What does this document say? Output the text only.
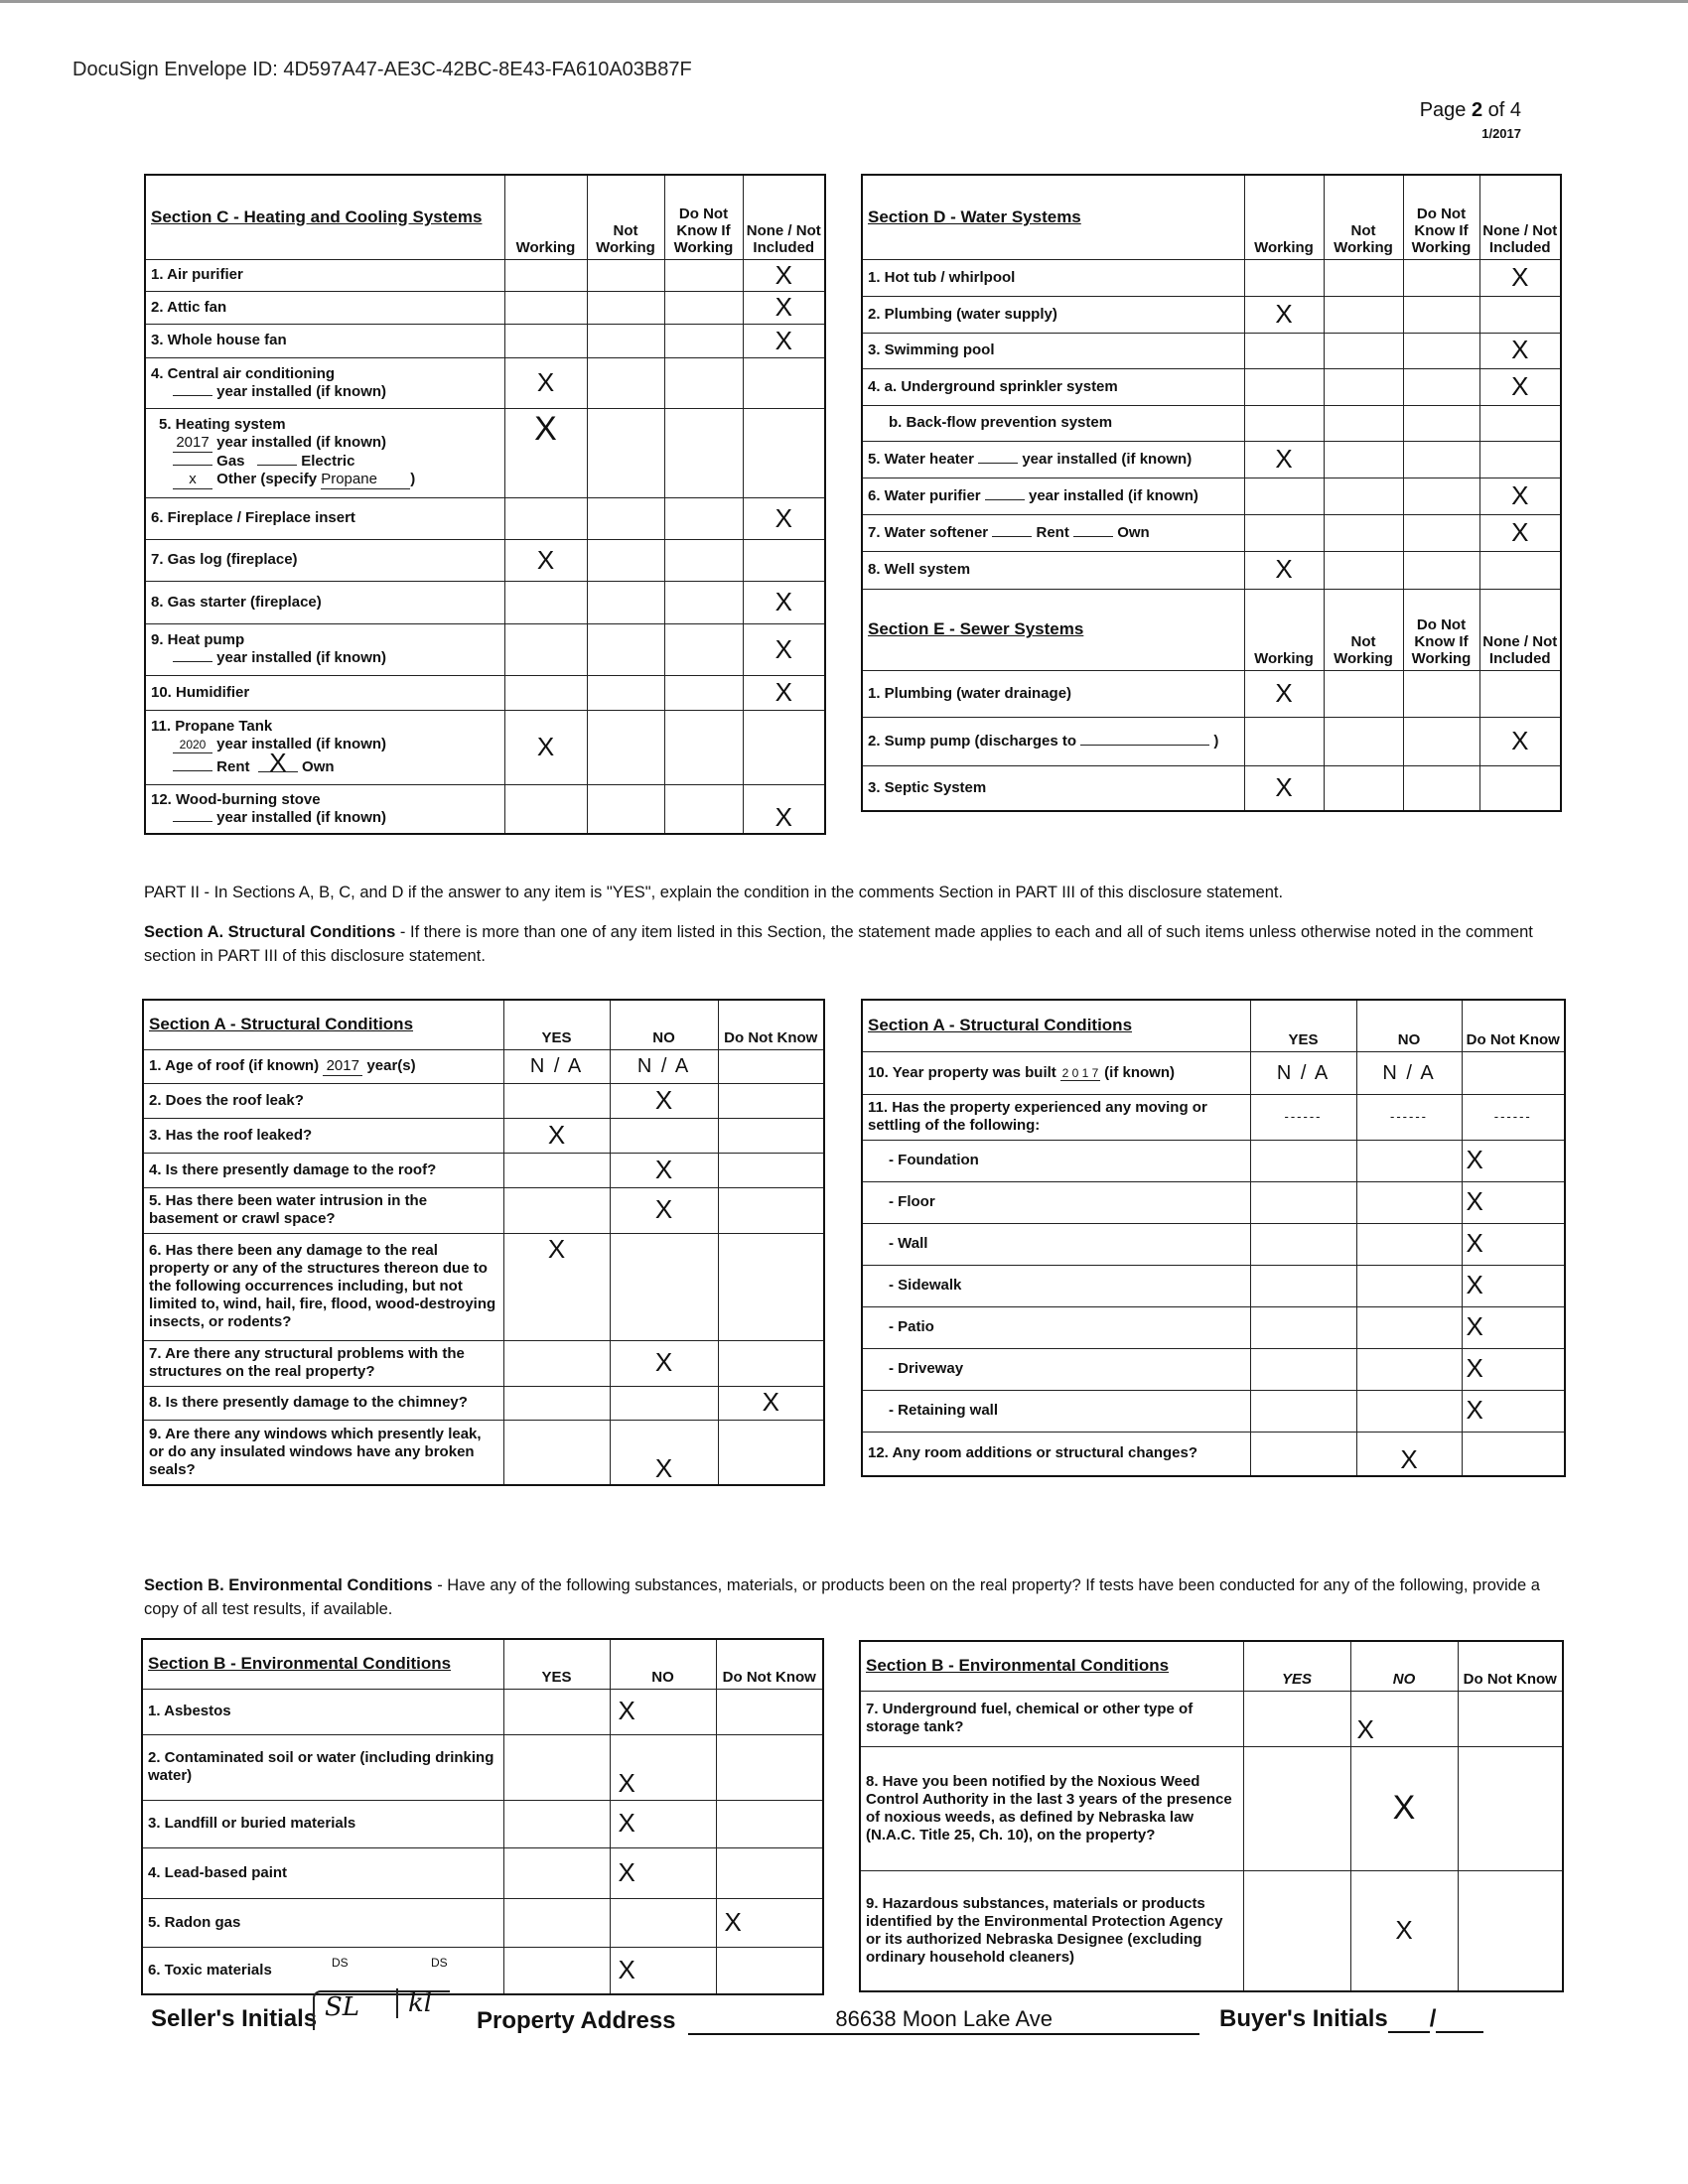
DocuSign Envelope ID: 4D597A47-AE3C-42BC-8E43-FA610A03B87F
Page 2 of 4
1/2017
Section C - Heating and Cooling Systems	Working	Not Working	Do Not Know If Working	None / Not Included
1. Air purifier				X
2. Attic fan				X
3. Whole house fan				X

4. Central air conditioning
year installed (if known)	X			

5. Heating system
2017 year installed (if known)
Gas Electric
x Other (specify Propane )	X			
6. Fireplace / Fireplace insert				X
7. Gas log (fireplace)	X			
8. Gas starter (fireplace)				X

9. Heat pump
year installed (if known)				X
10. Humidifier				X

11. Propane Tank
2020 year installed (if known)
Rent X Own	X			

12. Wood-burning stove
year installed (if known)				X
Section D - Water Systems	Working	Not Working	Do Not Know If Working	None / Not Included
1. Hot tub / whirlpool				X
2. Plumbing (water supply)	X			
3. Swimming pool				X
4. a. Underground sprinkler system				X
b. Back-flow prevention system				
5. Water heater year installed (if known)	X			
6. Water purifier year installed (if known)				X
7. Water softener Rent Own				X
8. Well system	X			
Section E - Sewer Systems	Working	Not Working	Do Not Know If Working	None / Not Included
1. Plumbing (water drainage)	X			
2. Sump pump (discharges to )				X
3. Septic System	X			
PART II - In Sections A, B, C, and D if the answer to any item is "YES", explain the condition in the comments Section in PART III of this disclosure statement.
Section A. Structural Conditions - If there is more than one of any item listed in this Section, the statement made applies to each and all of such items unless otherwise noted in the comment section in PART III of this disclosure statement.
Section A - Structural Conditions	YES	NO	Do Not Know
1. Age of roof (if known) 2017 year(s)	N / A	N / A	
2. Does the roof leak?		X	
3. Has the roof leaked?	X		
4. Is there presently damage to the roof?		X	
5. Has there been water intrusion in the basement or crawl space?		X	
6. Has there been any damage to the real property or any of the structures thereon due to the following occurrences including, but not limited to, wind, hail, fire, flood, wood-destroying insects, or rodents?	X		
7. Are there any structural problems with the structures on the real property?		X	
8. Is there presently damage to the chimney?			X
9. Are there any windows which presently leak, or do any insulated windows have any broken seals?		X	
Section A - Structural Conditions	YES	NO	Do Not Know
10. Year property was built 2 0 1 7 (if known)	N / A	N / A	
11. Has the property experienced any moving or settling of the following:	------	------	------
- Foundation			X
- Floor			X
- Wall			X
- Sidewalk			X
- Patio			X
- Driveway			X
- Retaining wall			X
12. Any room additions or structural changes?		X	
Section B. Environmental Conditions - Have any of the following substances, materials, or products been on the real property? If tests have been conducted for any of the following, provide a copy of all test results, if available.
Section B - Environmental Conditions	YES	NO	Do Not Know
1. Asbestos		X	
2. Contaminated soil or water (including drinking water)		X	
3. Landfill or buried materials		X	
4. Lead-based paint		X	
5. Radon gas			X
6. Toxic materials DS DS		X	
Section B - Environmental Conditions	YES	NO	Do Not Know
7. Underground fuel, chemical or other type of storage tank?		X	
8. Have you been notified by the Noxious Weed Control Authority in the last 3 years of the presence of noxious weeds, as defined by Nebraska law (N.A.C. Title 25, Ch. 10), on the property?		X	
9. Hazardous substances, materials or products identified by the Environmental Protection Agency or its authorized Nebraska Designee (excluding ordinary household cleaners)		X	
Seller's Initials SL	kl
Property Address	86638 Moon Lake Ave	Buyer's Initials /
